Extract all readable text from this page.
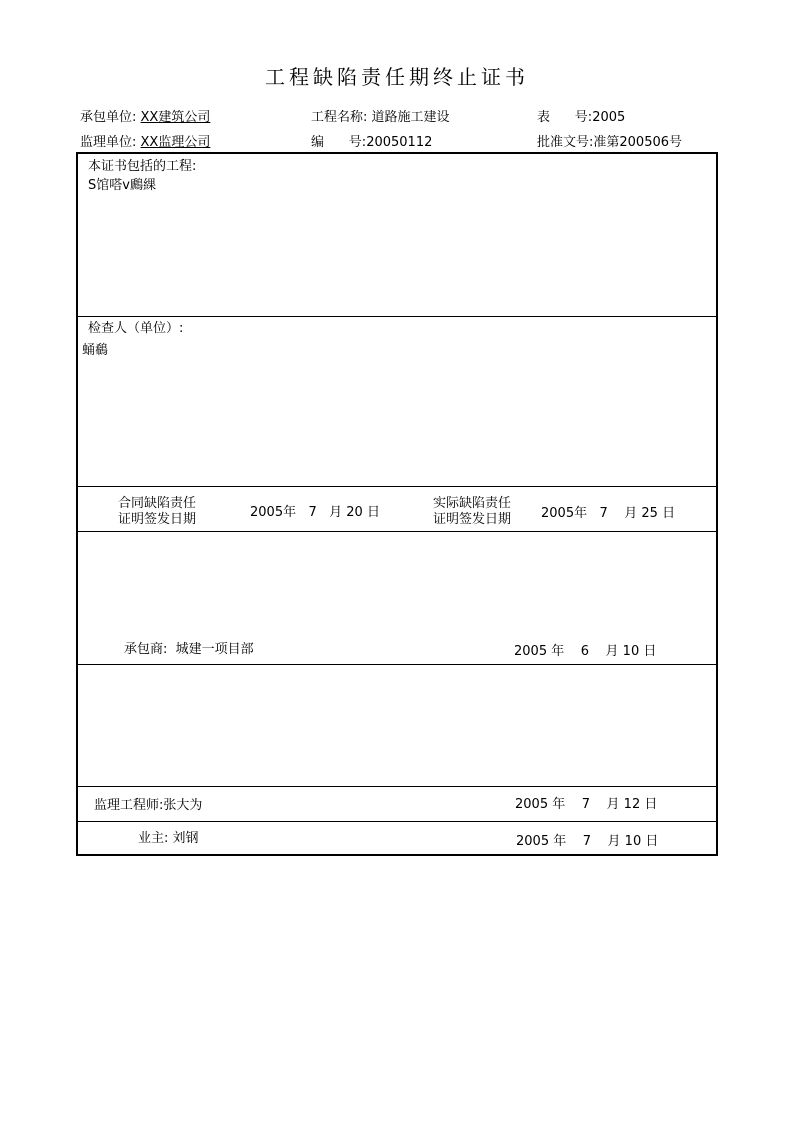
工程缺陷责任期终止证书
承包单位: XX建筑公司	工程名称: 道路施工建设	表      号:2005
监理单位: XX监理公司	编      号:20050112	批准文号:准第200506号
本证书包括的工程:
S馆嗒v鷉綶
检查人（单位）:
蛹鵗
合同缺陷责任
证明签发日期	2005年   7   月 20 日
实际缺陷责任
证明签发日期 2005年   7    月 25 日
承包商: 城建一项目部	2005 年    6    月 10 日
监理工程师:张大为	2005 年    7    月 12 日
业主: 刘钢	2005 年    7    月 10 日
